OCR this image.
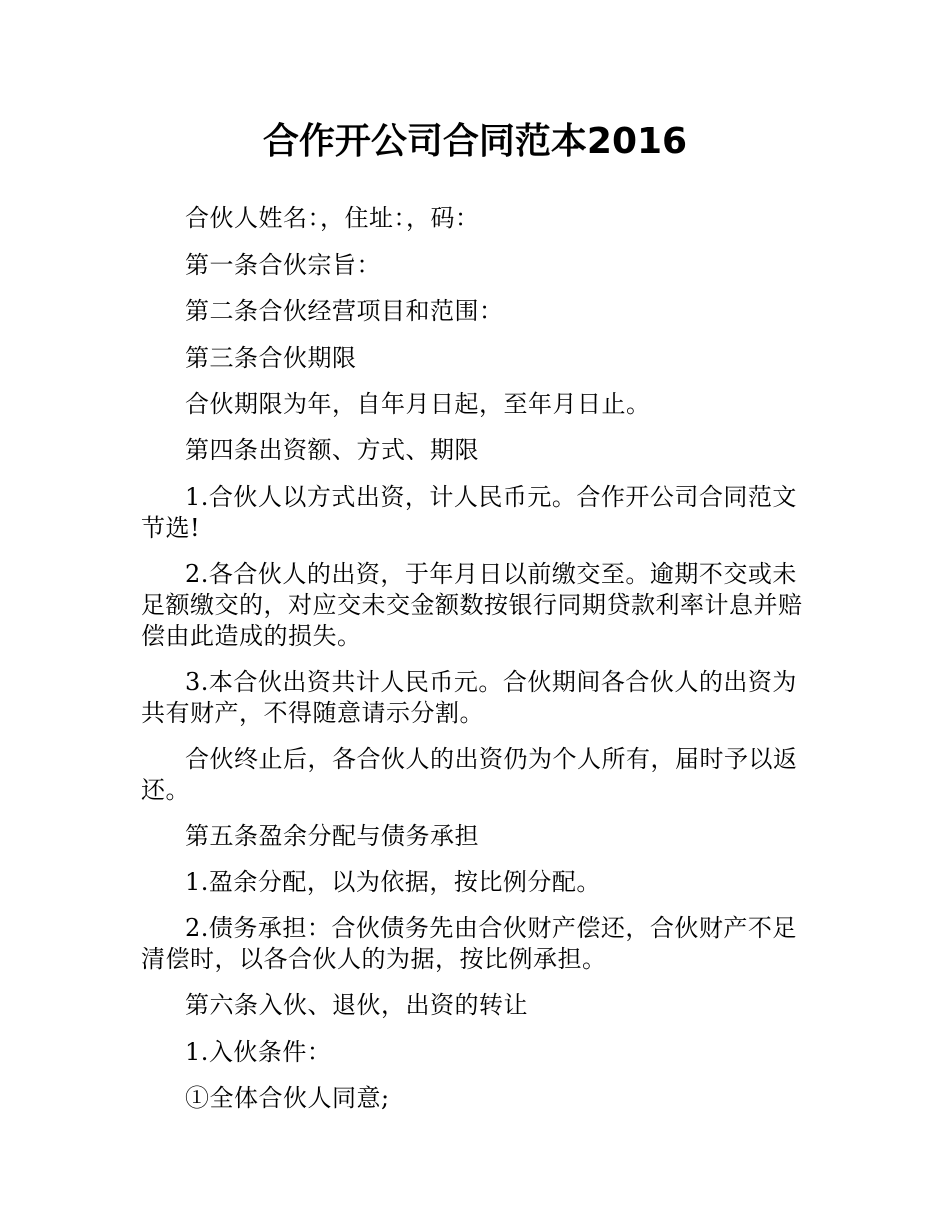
合作开公司合同范本2016

合伙人姓名：，住址：，码：

第一条合伙宗旨：

第二条合伙经营项目和范围：

第三条合伙期限

合伙期限为年，自年月日起，至年月日止。

第四条出资额、方式、期限

1.合伙人以方式出资，计人民币元。合作开公司合同范文节选!

2.各合伙人的出资，于年月日以前缴交至。逾期不交或未足额缴交的，对应交未交金额数按银行同期贷款利率计息并赔偿由此造成的损失。

3.本合伙出资共计人民币元。合伙期间各合伙人的出资为共有财产，不得随意请示分割。

合伙终止后，各合伙人的出资仍为个人所有，届时予以返还。

第五条盈余分配与债务承担

1.盈余分配，以为依据，按比例分配。

2.债务承担：合伙债务先由合伙财产偿还，合伙财产不足清偿时，以各合伙人的为据，按比例承担。

第六条入伙、退伙，出资的转让

1.入伙条件：

①全体合伙人同意;
